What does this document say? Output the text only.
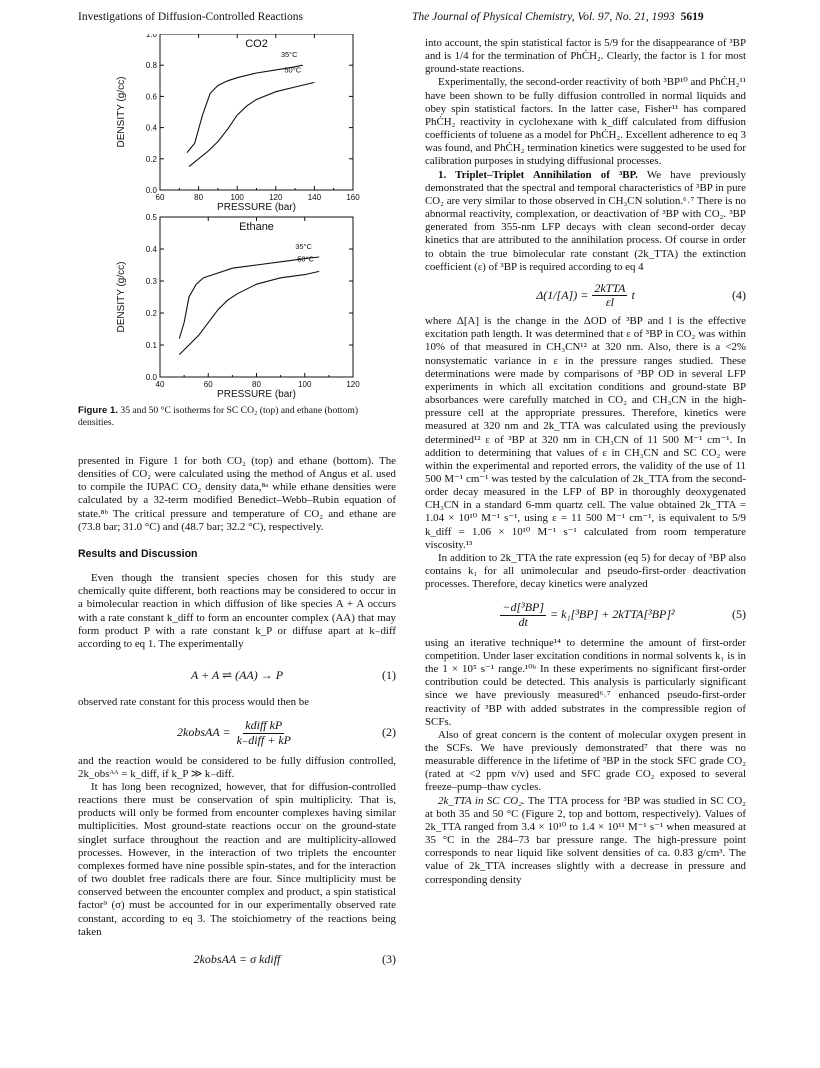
Investigations of Diffusion-Controlled Reactions	The Journal of Physical Chemistry, Vol. 97, No. 21, 1993 5619
60	80	100	120	140	160
0.0
0.2
0.4
0.6
0.8
1.0
PRESSURE (bar)
DENSITY (g/cc)
CO2
35°C
50°C
40	60	80	100	120
0.0
0.1
0.2
0.3
0.4
0.5
PRESSURE (bar)
DENSITY (g/cc)
Ethane
35°C
50°C
Figure 1. 35 and 50 °C isotherms for SC CO₂ (top) and ethane (bottom) densities.

presented in Figure 1 for both CO₂ (top) and ethane (bottom). The densities of CO₂ were calculated using the method of Angus et al. used to compile the IUPAC CO₂ density data,⁸ᵃ while ethane densities were calculated by a 32-term modified Benedict–Webb–Rubin equation of state.⁸ᵇ The critical pressure and temperature of CO₂ and ethane are (73.8 bar; 31.0 °C) and (48.7 bar; 32.2 °C), respectively.

Results and Discussion

Even though the transient species chosen for this study are chemically quite different, both reactions may be considered to occur in a bimolecular reaction in which diffusion of like species A + A occurs with a rate constant k_diff to form an encounter complex (AA) that may form product P with a rate constant k_P or diffuse apart at k₋diff according to eq 1. The experimentally

A + A ⇌ (AA) → P	(1)

observed rate constant for this process would then be

2kobsAA = $\frac{\text{kdiff kP}}{\text{k₋diff + kP}}$	(2)

and the reaction would be considered to be fully diffusion controlled, 2k_obsᴬᴬ = k_diff, if k_P ≫ k₋diff.

It has long been recognized, however, that for diffusion-controlled reactions there must be conservation of spin multiplicity. That is, products will only be formed from encounter complexes having similar multiplicities. Most ground-state reactions occur on the ground-state singlet surface throughout the reaction and are multiplicity-allowed processes. However, in the interaction of two triplets the encounter complexes formed have nine possible spin-states, and for the interaction of two doublet free radicals there are four. Since multiplicity must be conserved between the encounter complex and product, a spin statistical factor⁹ (σ) must be accounted for in our experimentally observed rate constant, according to eq 3. The stoichiometry of the reactions being taken

2kobsAA = σ kdiff	(3)

into account, the spin statistical factor is 5/9 for the disappearance of ³BP and is 1/4 for the termination of PhĊH₂. Clearly, the factor is 1 for most ground-state reactions.

Experimentally, the second-order reactivity of both ³BP¹⁰ and PhĊH₂¹¹ have been shown to be fully diffusion controlled in normal liquids and obey spin statistical factors. In the latter case, Fisher¹¹ has compared PhĊH₂ reactivity in cyclohexane with k_diff calculated from diffusion coefficients of toluene as a model for PhĊH₂. Excellent adherence to eq 3 was found, and PhĊH₂ termination kinetics were suggested to be used for calibration purposes in studying diffusional processes.

1. Triplet–Triplet Annihilation of ³BP. We have previously demonstrated that the spectral and temporal characteristics of ³BP in pure CO₂ are very similar to those observed in CH₃CN solution.⁶˒⁷ There is no abnormal reactivity, complexation, or deactivation of ³BP with CO₂. ³BP generated from 355-nm LFP decays with clean second-order decay kinetics that are attributed to the annihilation process. Of course in order to obtain the true bimolecular rate constant (2k_TTA) the extinction coefficient (ε) of ³BP is required according to eq 4

$\Delta(1/[A]) = \frac{\text{2kTTA}}{\varepsilon l}$ t	(4)

where Δ[A] is the change in the ΔOD of ³BP and l is the effective excitation path length. It was determined that ε of ³BP in CO₂ was within 10% of that measured in CH₃CN¹² at 320 nm. Also, there is a <2% nonsystematic variance in ε in the pressure ranges studied. These determinations were made by comparisons of ³BP OD in several LFP experiments in which all excitation conditions and ground-state BP absorbances were carefully matched in CO₂ and CH₃CN in the high-pressure cell at the appropriate pressures. Therefore, kinetics were measured at 320 nm and 2k_TTA was calculated using the previously determined¹² ε of ³BP at 320 nm in CH₃CN of 11 500 M⁻¹ cm⁻¹. In addition to determining that values of ε in CH₃CN and SC CO₂ were within the experimental and reported errors, the validity of the use of 11 500 M⁻¹ cm⁻¹ was tested by the calculation of 2k_TTA from the second-order decay measured in the LFP of BP in thoroughly deoxygenated CH₃CN in a standard 6-mm quartz cell. The value obtained 2k_TTA = 1.04 × 10¹⁰ M⁻¹ s⁻¹, using ε = 11 500 M⁻¹ cm⁻¹, is equivalent to 5/9 k_diff = 1.06 × 10¹⁰ M⁻¹ s⁻¹ calculated from room temperature viscosity.¹³

In addition to 2k_TTA the rate expression (eq 5) for decay of ³BP also contains k₁ for all unimolecular and pseudo-first-order deactivation processes. Therefore, decay kinetics were analyzed

$\frac{\text{−d[³BP]}}{dt} = k_1[^3BP]$ + 2kTTA[³BP]²	(5)

using an iterative technique¹⁴ to determine the amount of first-order competition. Under laser excitation conditions in normal solvents k₁ is in the 1 × 10⁵ s⁻¹ range.¹⁰ᵇ In these experiments no significant first-order contribution could be detected. This analysis is particularly significant since we have previously measured⁶˒⁷ enhanced pseudo-first-order reactivity of ³BP with added substrates in the compressible region of SCFs.

Also of great concern is the content of molecular oxygen present in the SCFs. We have previously demonstrated⁷ that there was no measurable difference in the lifetime of ³BP in the stock SFC grade CO₂ (rated at <2 ppm v/v) used and SFC grade CO₂ exposed to several freeze–pump–thaw cycles.

2k_TTA in SC CO₂. The TTA process for ³BP was studied in SC CO₂ at both 35 and 50 °C (Figure 2, top and bottom, respectively). Values of 2k_TTA ranged from 3.4 × 10¹⁰ to 1.4 × 10¹¹ M⁻¹ s⁻¹ when measured at 35 °C in the 284–73 bar pressure range. The high-pressure point corresponds to near liquid like solvent densities of ca. 0.83 g/cm³. The value of 2k_TTA increases slightly with a decrease in pressure and corresponding density
